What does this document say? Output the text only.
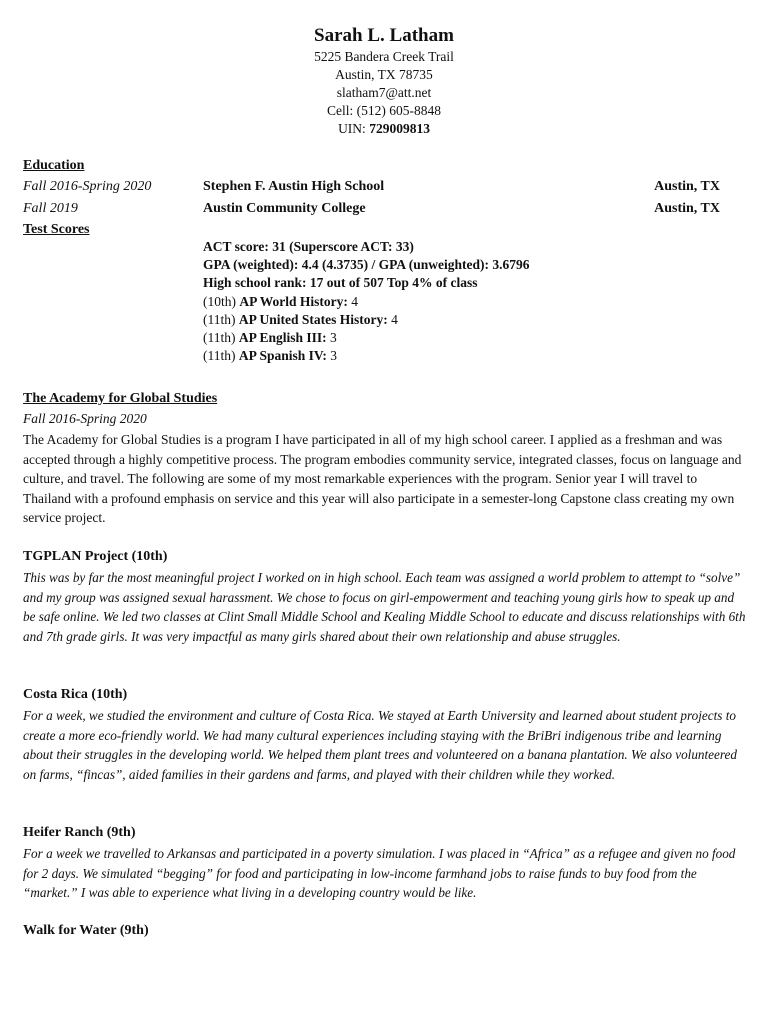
Sarah L. Latham
5225 Bandera Creek Trail
Austin, TX 78735
slatham7@att.net
Cell: (512) 605-8848
UIN: 729009813
Education
Fall 2016-Spring 2020	Stephen F. Austin High School	Austin, TX
Fall 2019	Austin Community College	Austin, TX
Test Scores
ACT score: 31 (Superscore ACT: 33)
GPA (weighted): 4.4 (4.3735) / GPA (unweighted): 3.6796
High school rank: 17 out of 507 Top 4% of class
(10th) AP World History: 4
(11th) AP United States History: 4
(11th) AP English III: 3
(11th) AP Spanish IV: 3
The Academy for Global Studies
Fall 2016-Spring 2020
The Academy for Global Studies is a program I have participated in all of my high school career. I applied as a freshman and was accepted through a highly competitive process. The program embodies community service, integrated classes, focus on language and culture, and travel. The following are some of my most remarkable experiences with the program. Senior year I will travel to Thailand with a profound emphasis on service and this year will also participate in a semester-long Capstone class creating my own service project.
TGPLAN Project (10th)
This was by far the most meaningful project I worked on in high school. Each team was assigned a world problem to attempt to “solve” and my group was assigned sexual harassment. We chose to focus on girl-empowerment and teaching young girls how to speak up and be safe online. We led two classes at Clint Small Middle School and Kealing Middle School to educate and discuss relationships with 6th and 7th grade girls. It was very impactful as many girls shared about their own relationship and abuse struggles.
Costa Rica (10th)
For a week, we studied the environment and culture of Costa Rica. We stayed at Earth University and learned about student projects to create a more eco-friendly world. We had many cultural experiences including staying with the BriBri indigenous tribe and learning about their struggles in the developing world. We helped them plant trees and volunteered on a banana plantation. We also volunteered on farms, “fincas”, aided families in their gardens and farms, and played with their children while they worked.
Heifer Ranch (9th)
For a week we travelled to Arkansas and participated in a poverty simulation. I was placed in “Africa” as a refugee and given no food for 2 days. We simulated “begging” for food and participating in low-income farmhand jobs to raise funds to buy food from the “market.” I was able to experience what living in a developing country would be like.
Walk for Water (9th)
